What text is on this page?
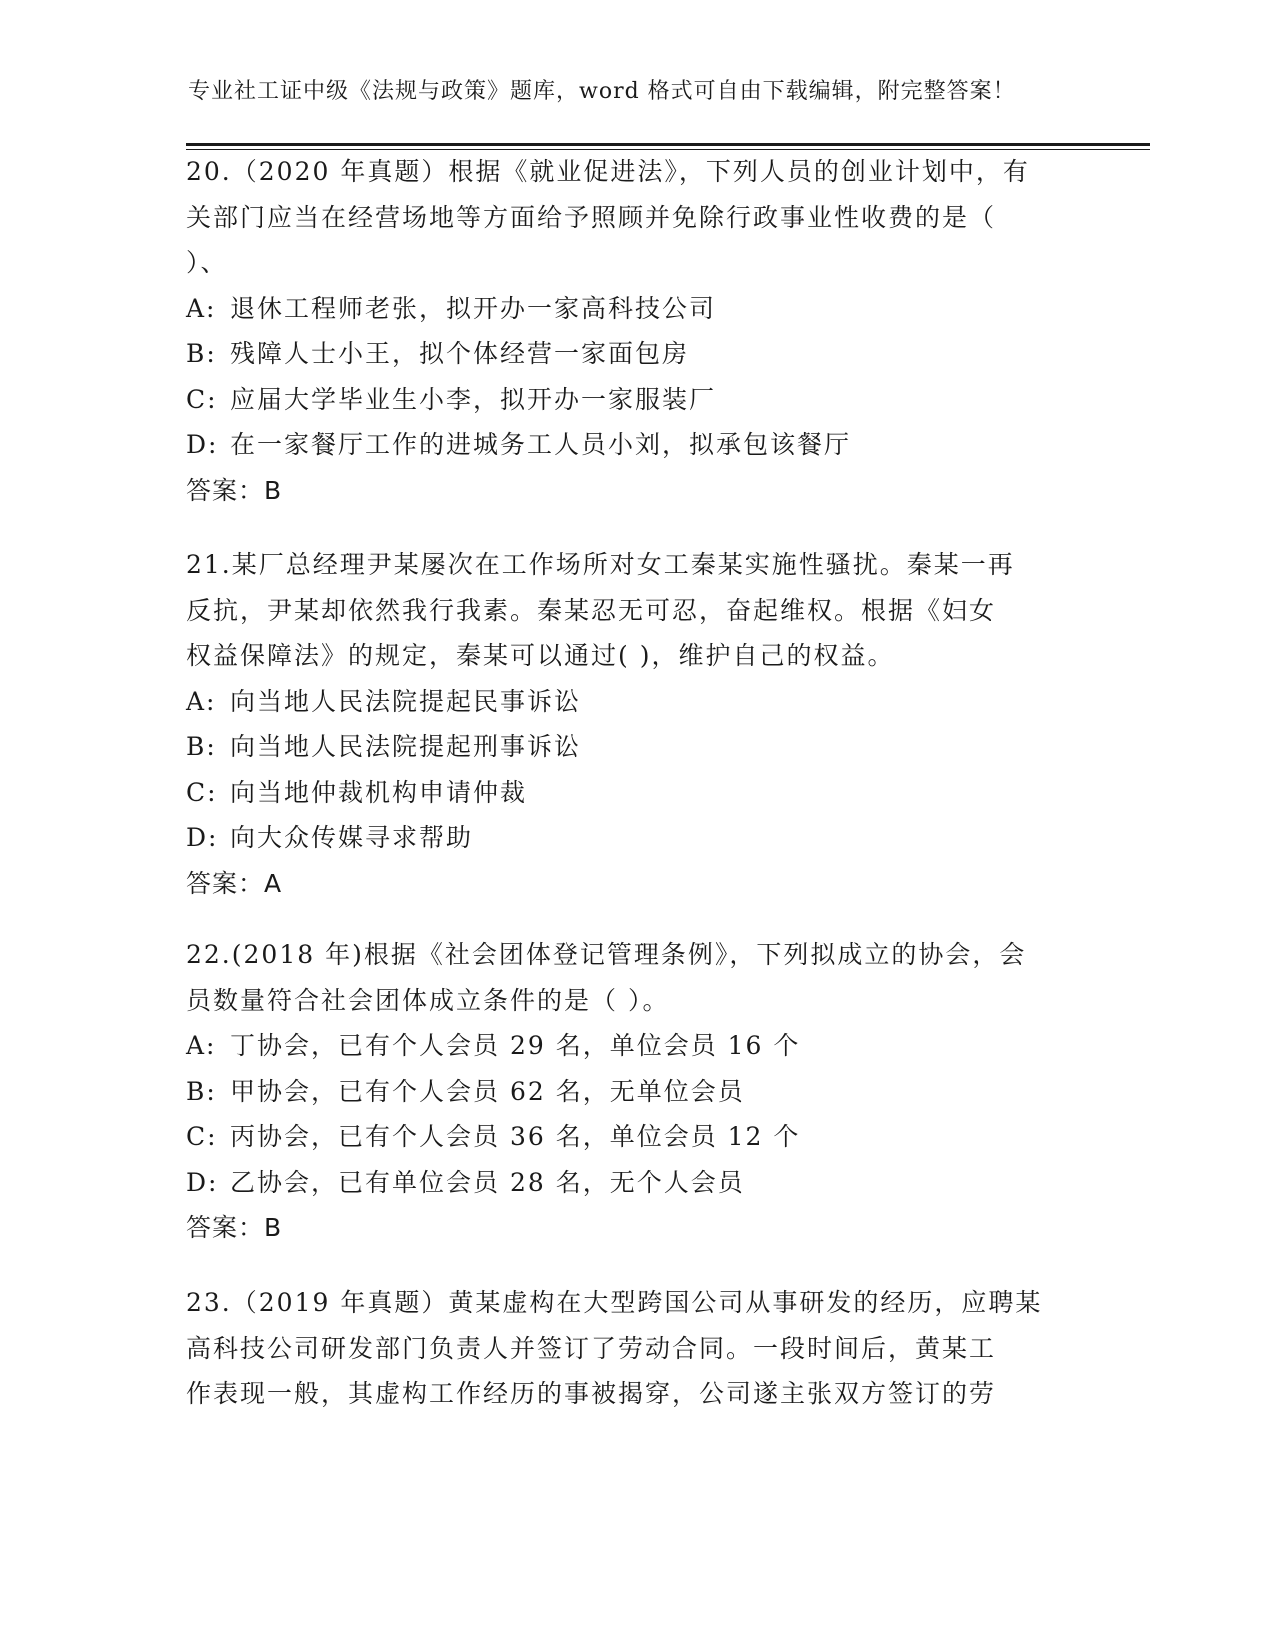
专业社工证中级《法规与政策》题库，word 格式可自由下载编辑，附完整答案！
20.（2020 年真题）根据《就业促进法》，下列人员的创业计划中，有
关部门应当在经营场地等方面给予照顾并免除行政事业性收费的是（
）、
A: 退休工程师老张，拟开办一家高科技公司
B: 残障人士小王，拟个体经营一家面包房
C: 应届大学毕业生小李，拟开办一家服装厂
D: 在一家餐厅工作的进城务工人员小刘，拟承包该餐厅
答案：B
21.某厂总经理尹某屡次在工作场所对女工秦某实施性骚扰。秦某一再
反抗，尹某却依然我行我素。秦某忍无可忍，奋起维权。根据《妇女
权益保障法》的规定，秦某可以通过( )，维护自己的权益。
A: 向当地人民法院提起民事诉讼
B: 向当地人民法院提起刑事诉讼
C: 向当地仲裁机构申请仲裁
D: 向大众传媒寻求帮助
答案：A
22.(2018 年)根据《社会团体登记管理条例》，下列拟成立的协会，会
员数量符合社会团体成立条件的是（ ）。
A: 丁协会，已有个人会员 29 名，单位会员 16 个
B: 甲协会，已有个人会员 62 名，无单位会员
C: 丙协会，已有个人会员 36 名，单位会员 12 个
D: 乙协会，已有单位会员 28 名，无个人会员
答案：B
23.（2019 年真题）黄某虚构在大型跨国公司从事研发的经历，应聘某
高科技公司研发部门负责人并签订了劳动合同。一段时间后，黄某工
作表现一般，其虚构工作经历的事被揭穿，公司遂主张双方签订的劳
